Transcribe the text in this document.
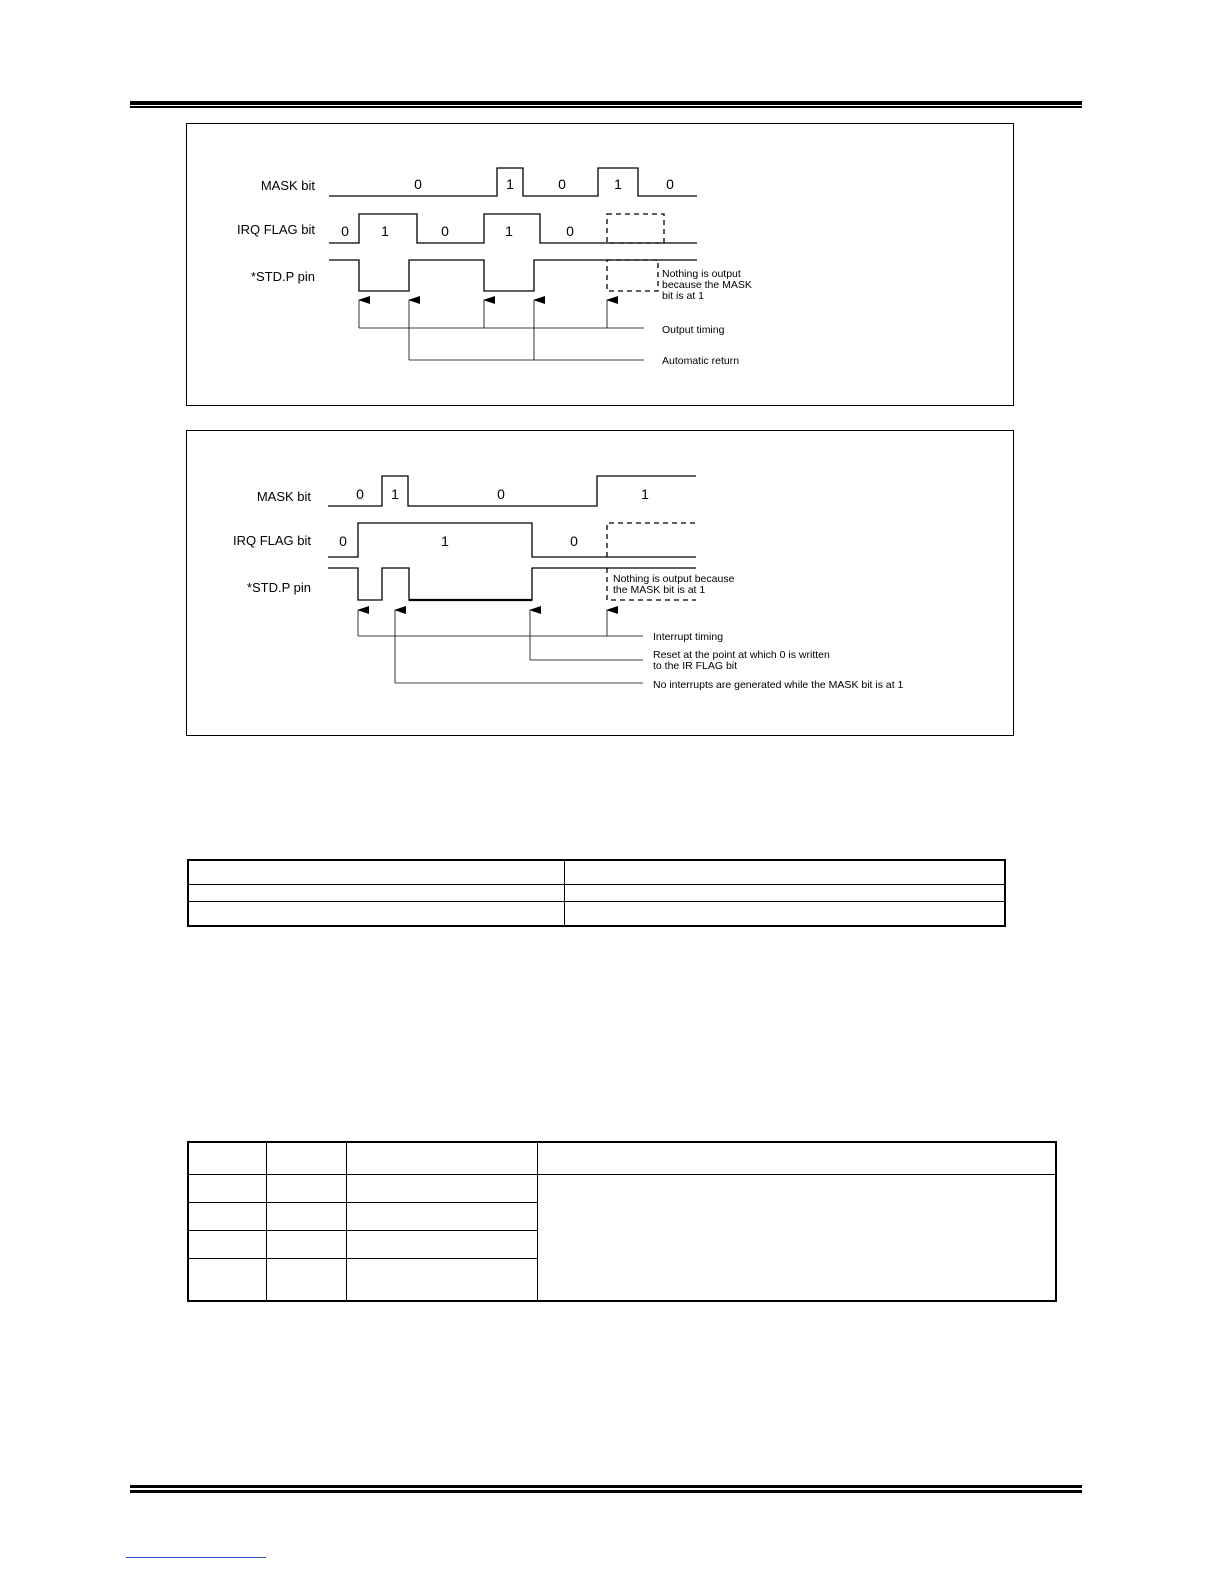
MASK bit
IRQ FLAG bit
*STD.P pin
0	1	0	1	0
0 1	0	1	0
Nothing is output
because the MASK
bit is at 1
Output timing
Automatic return
MASK bit
IRQ FLAG bit
*STD.P pin
0 1	0	1
0	1	0
Nothing is output because
the MASK bit is at 1
Interrupt timing
Reset at the point at which 0 is written
to the IR FLAG bit
No interrupts are generated while the MASK bit is at 1
